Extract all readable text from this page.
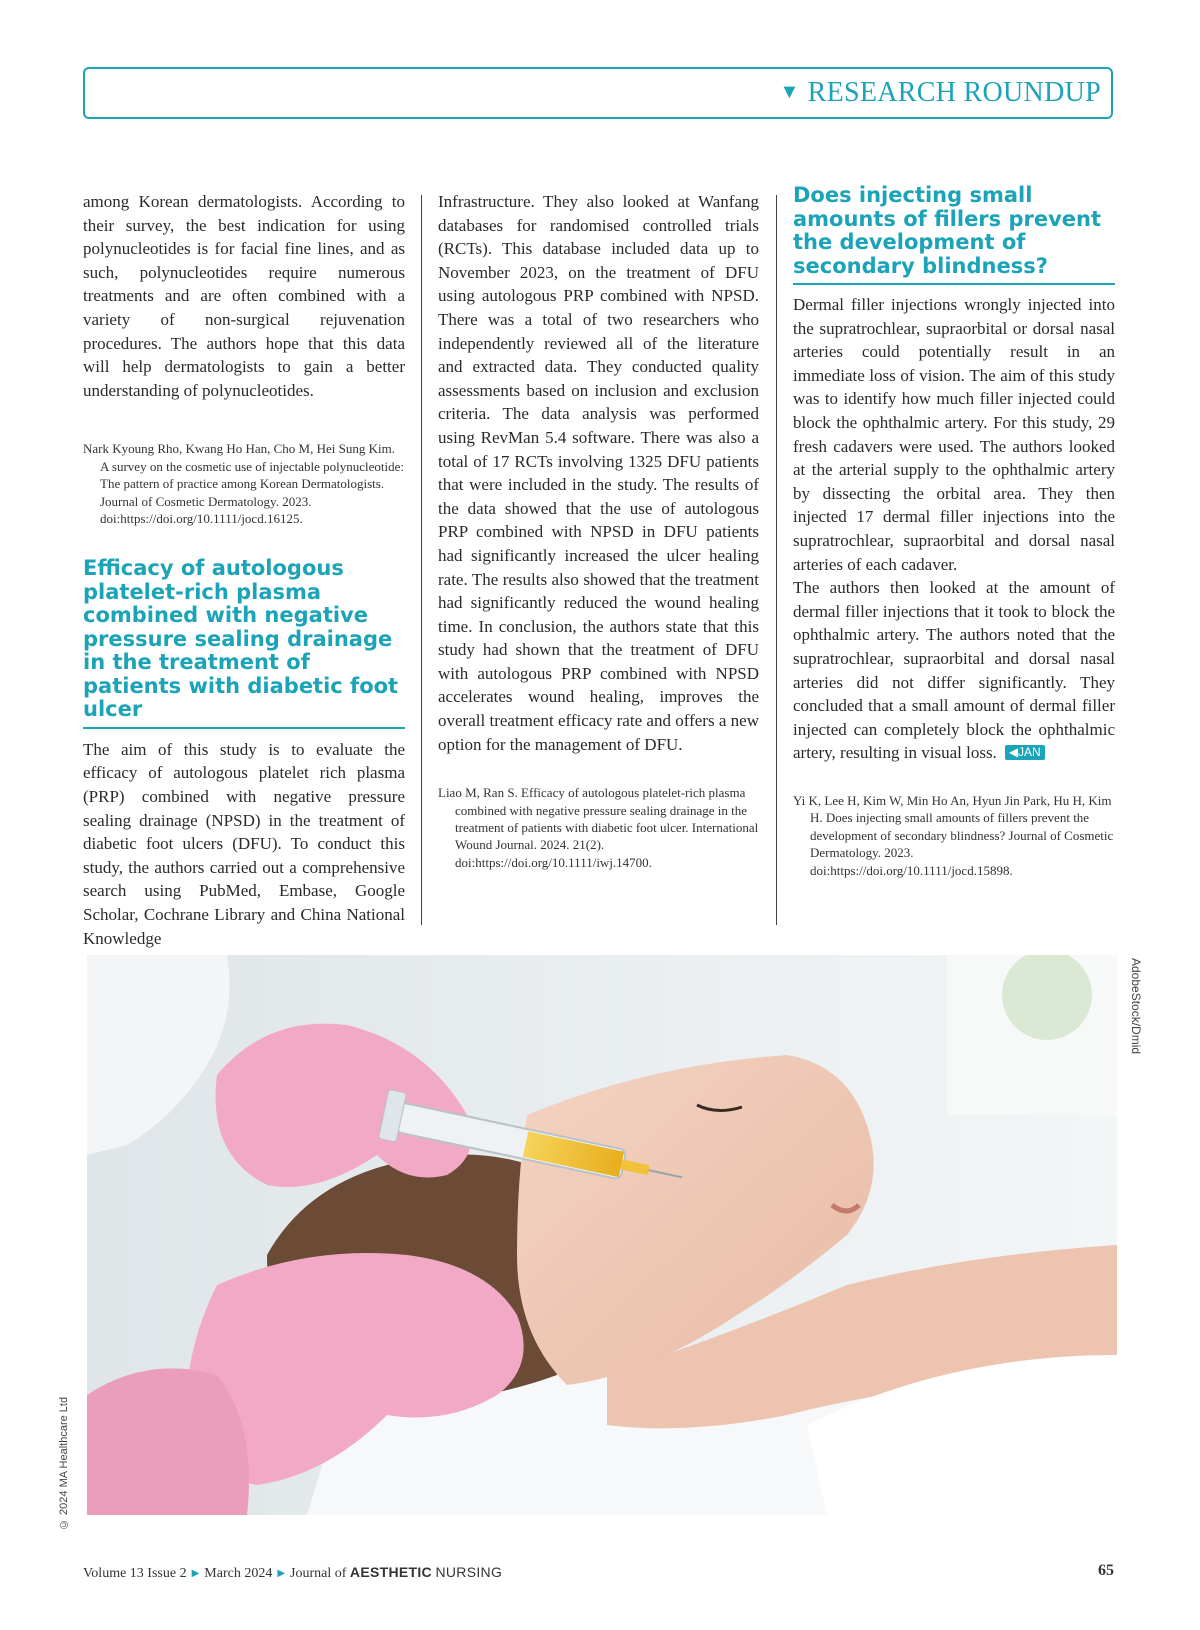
▼ RESEARCH ROUNDUP

among Korean dermatologists. According to their survey, the best indication for using polynucleotides is for facial fine lines, and as such, polynucleotides require numerous treatments and are often combined with a variety of non-surgical rejuvenation procedures. The authors hope that this data will help dermatologists to gain a better understanding of polynucleotides.

Nark Kyoung Rho, Kwang Ho Han, Cho M, Hei Sung Kim. A survey on the cosmetic use of injectable polynucleotide: The pattern of practice among Korean Dermatologists. Journal of Cosmetic Dermatology. 2023. doi:https://doi.org/10.1111/jocd.16125.

Efficacy of autologous platelet-rich plasma combined with negative pressure sealing drainage in the treatment of patients with diabetic foot ulcer

The aim of this study is to evaluate the efficacy of autologous platelet rich plasma (PRP) combined with negative pressure sealing drainage (NPSD) in the treatment of diabetic foot ulcers (DFU). To conduct this study, the authors carried out a comprehensive search using PubMed, Embase, Google Scholar, Cochrane Library and China National Knowledge

Infrastructure. They also looked at Wanfang databases for randomised controlled trials (RCTs). This database included data up to November 2023, on the treatment of DFU using autologous PRP combined with NPSD. There was a total of two researchers who independently reviewed all of the literature and extracted data. They conducted quality assessments based on inclusion and exclusion criteria. The data analysis was performed using RevMan 5.4 software. There was also a total of 17 RCTs involving 1325 DFU patients that were included in the study. The results of the data showed that the use of autologous PRP combined with NPSD in DFU patients had significantly increased the ulcer healing rate. The results also showed that the treatment had significantly reduced the wound healing time. In conclusion, the authors state that this study had shown that the treatment of DFU with autologous PRP combined with NPSD accelerates wound healing, improves the overall treatment efficacy rate and offers a new option for the management of DFU.

Liao M, Ran S. Efficacy of autologous platelet-rich plasma combined with negative pressure sealing drainage in the treatment of patients with diabetic foot ulcer. International Wound Journal. 2024. 21(2). doi:https://doi.org/10.1111/iwj.14700.

Does injecting small amounts of fillers prevent the development of secondary blindness?

Dermal filler injections wrongly injected into the supratrochlear, supraorbital or dorsal nasal arteries could potentially result in an immediate loss of vision. The aim of this study was to identify how much filler injected could block the ophthalmic artery. For this study, 29 fresh cadavers were used. The authors looked at the arterial supply to the ophthalmic artery by dissecting the orbital area. They then injected 17 dermal filler injections into the supratrochlear, supraorbital and dorsal nasal arteries of each cadaver.

The authors then looked at the amount of dermal filler injections that it took to block the ophthalmic artery. The authors noted that the supratrochlear, supraorbital and dorsal nasal arteries did not differ significantly. They concluded that a small amount of dermal filler injected can completely block the ophthalmic artery, resulting in visual loss. ◀JAN

Yi K, Lee H, Kim W, Min Ho An, Hyun Jin Park, Hu H, Kim H. Does injecting small amounts of fillers prevent the development of secondary blindness? Journal of Cosmetic Dermatology. 2023. doi:https://doi.org/10.1111/jocd.15898.

AdobeStock/Dmid
© 2024 MA Healthcare Ltd
Volume 13 Issue 2 ▶ March 2024 ▶ Journal of AESTHETIC NURSING	65
